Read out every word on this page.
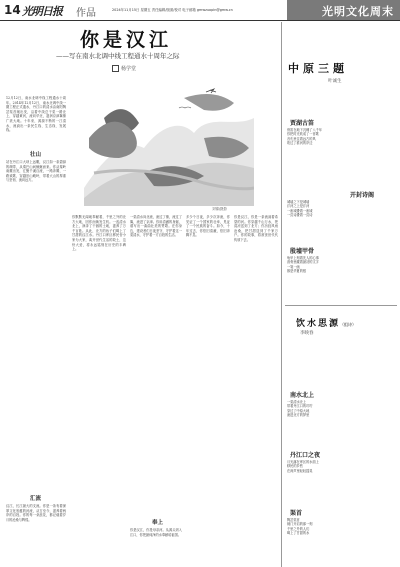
14 光明日报 作品	2024年11月15日 星期五 责任编辑/版面/校对 电子邮箱 gmwzuopin@gmw.cn	光明文化周末
你是汉江
——写在南水北调中线工程通水十周年之际
杨学堂
刘锦/摄影
12月12日，南水北调中线工程通水十周年。2014年12月12日，南水北调中线一期工程正式通水，丹江口的清水由南阳陶岔渠首闸出发，沿着中线总干渠一路北上，穿越黄河，流向华北，滋润京津冀豫广袤大地。十年来，源源不断的一江清水，流淌出一条民生线、生态线、发展线。
壮山
站在丹江口大坝上远眺，汉江如一条碧绿的绸带，从秦巴山间蜿蜒而来。你从秦岭南麓出发，汇聚千溪百流，一路奔腾，一路欢歌，穿越崇山峻岭，带着大山的厚重与坚韧，流向远方。
汇流
汉江，长江最大的支流。你是一条有着深厚文化底蕴的河流，从古至今，滋养着两岸的百姓。你的每一朵浪花，都记载着岁月的沧桑与辉煌。
你默默无闻地奉献着，千里之外的北方大地，因你而焕发生机。一泓清水北上，润泽了干涸的土地，滋养了万千百姓。从此，北方的孩子们喝上了甘甜的汉江水。丹江口库区移民舍小家为大家，离开世代生活的故土，这份大爱，将永远铭刻在历史的丰碑上。
一渠清水向北流，流过了豫，流过了冀，流进了京津。你用清澈的身躯，谱写出一曲曲壮美的赞歌。在你身边，建设者们日夜坚守，守护着这一渠清水，守护着一方百姓的生活。
奉上
你是汉江，你是母亲河。从源头到入江口，你把最纯净的水奉献给祖国。
多少个日夜，多少次奔流，你见证了一个国家的壮举，见证了一个民族的奋斗。如今，十年过去，你依旧清澈，依旧奔腾不息。
你是汉江，你是一条流淌着希望的河。你穿越千山万水，把清凉送到了北方；你历经风雨沧桑，把甘甜送到了千家万户。你的故事，将被世世代代传颂下去。
中原三题
叶诚生
贾湖古笛
骨笛在地下沉睡了八千年
你把时光吹成了一首歌
音孔里住着远古的风
吹过了淮河的岸边
开封诗阁
城墙之下是城墙
汴河之上是汴河
一座城叠着一座城
一页诗叠着一页诗
殷墟甲骨
龟甲上刻着先人的心事
兽骨里藏着最初的文字
一笔一画
都是华夏的根
饮水思源（组诗）
李映春
南水北上
一渠清水北上
带着丹江口的叮咛
穿过了中原大地
流进北方的梦里
丹江口之夜
月光落在库区的水面上
移民的乡愁
在涛声里轻轻摇晃
渠首
陶岔渠首
闸门开启的那一刻
千里之外的人们
喝上了甘甜的水
